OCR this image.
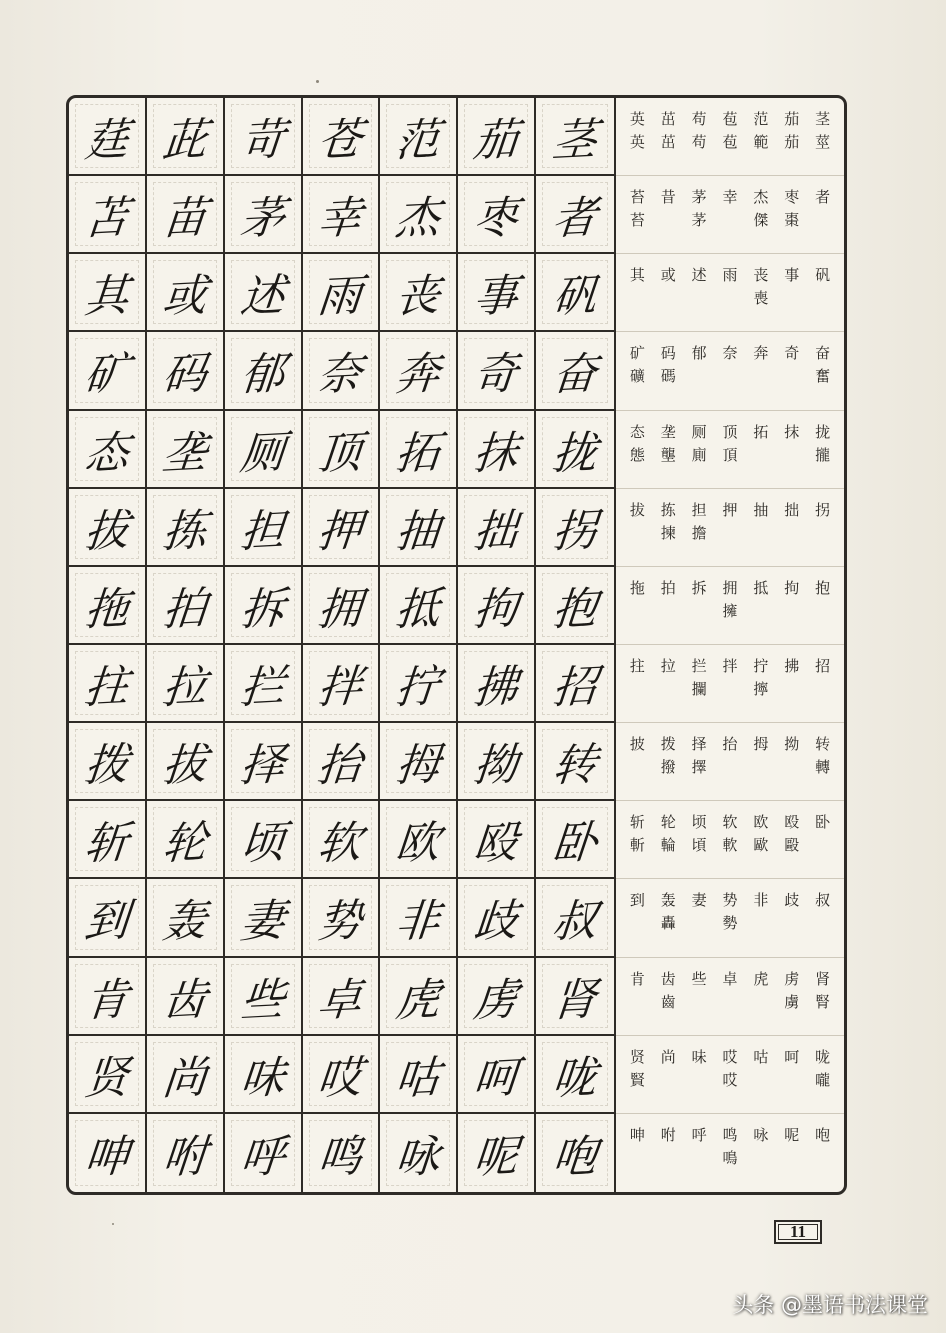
莛 茈 苛 苍 范 茄 茎
苫 苗 茅 幸 杰 枣 者
其 或 述 雨 丧 事 矾
矿 码 郁 奈 奔 奇 奋
态 垄 厕 顶 拓 抹 拢
拔 拣 担 押 抽 拙 拐
拖 拍 拆 拥 抵 拘 抱
拄 拉 拦 拌 拧 拂 招
拨 拔 择 抬 拇 拗 转
斩 轮 顷 软 欧 殴 卧
到 轰 妻 势 非 歧 叔
肯 齿 些 卓 虎 虏 肾
贤 尚 味 哎 咕 呵 咙
呻 咐 呼 鸣 咏 呢 咆
英
英
茁
茁
苟
苟
苞
苞
范
範
茄
茄
茎
莖
苔
苔
昔 茅
茅
幸 杰
傑
枣
棗
者
其 或 述 雨 丧
喪
事 矾
矿
礦
码
碼
郁 奈 奔 奇 奋
奮
态
態
垄
壟
厕
廁
顶
頂
拓 抹 拢
攏
拔 拣
揀
担
擔
押 抽 拙 拐
拖 拍 拆 拥
擁
抵 拘 抱
拄 拉 拦
攔
拌 拧
擰
拂 招
披 拨
撥
择
擇
抬 拇 拗 转
轉
斩
斬
轮
輪
顷
頃
软
軟
欧
歐
殴
毆
卧
到 轰
轟
妻 势
勢
非 歧 叔
肯 齿
齒
些 卓 虎 虏
虜
肾
腎
贤
賢
尚 味 哎
哎
咕 呵 咙
嚨
呻 咐 呼 鸣
鳴
咏 呢 咆
11
头条 @墨语书法课堂
